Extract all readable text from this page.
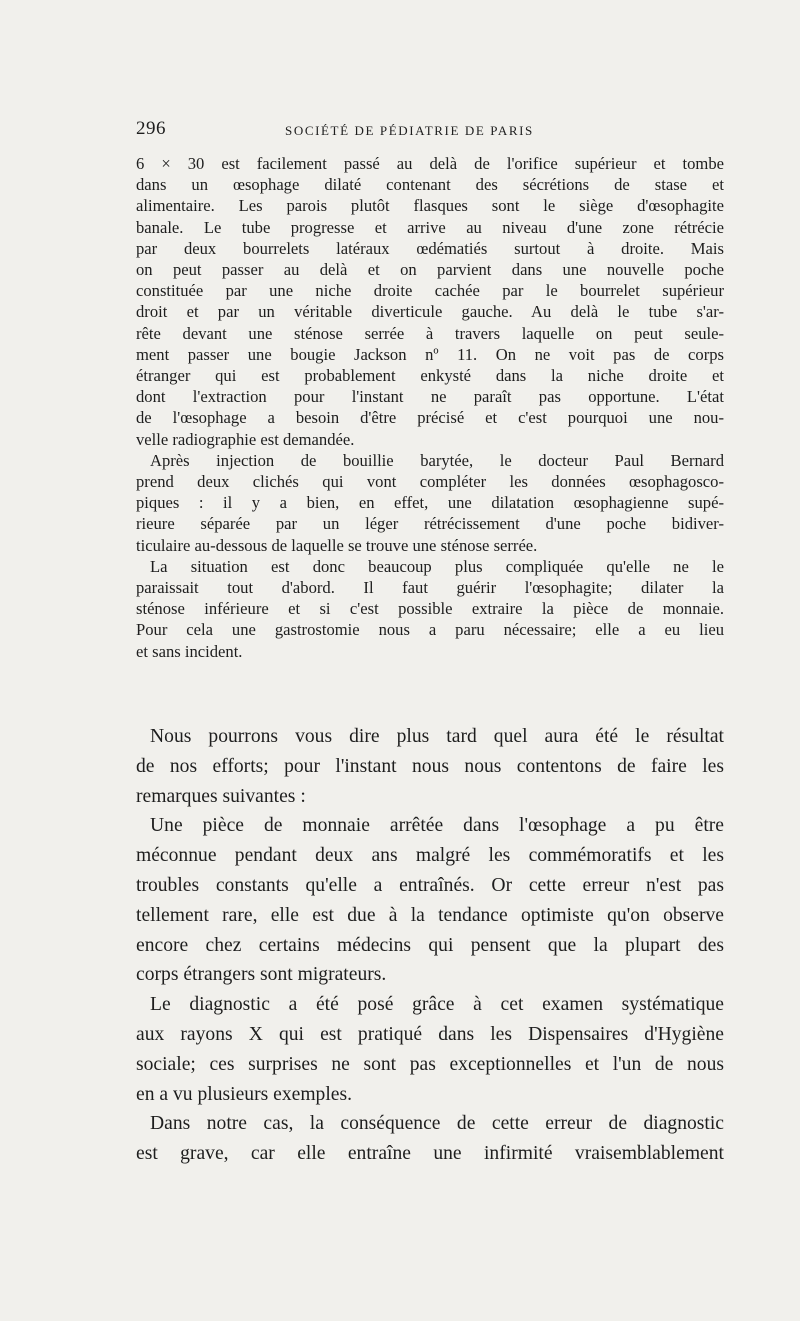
296	SOCIÉTÉ DE PÉDIATRIE DE PARIS
6 × 30 est facilement passé au delà de l'orifice supérieur et tombe
dans un œsophage dilaté contenant des sécrétions de stase et
alimentaire. Les parois plutôt flasques sont le siège d'œsophagite
banale. Le tube progresse et arrive au niveau d'une zone rétrécie
par deux bourrelets latéraux œdématiés surtout à droite. Mais
on peut passer au delà et on parvient dans une nouvelle poche
constituée par une niche droite cachée par le bourrelet supérieur
droit et par un véritable diverticule gauche. Au delà le tube s'ar-
rête devant une sténose serrée à travers laquelle on peut seule-
ment passer une bougie Jackson nº 11. On ne voit pas de corps
étranger qui est probablement enkysté dans la niche droite et
dont l'extraction pour l'instant ne paraît pas opportune. L'état
de l'œsophage a besoin d'être précisé et c'est pourquoi une nou-
velle radiographie est demandée.
Après injection de bouillie barytée, le docteur Paul Bernard
prend deux clichés qui vont compléter les données œsophagosco-
piques : il y a bien, en effet, une dilatation œsophagienne supé-
rieure séparée par un léger rétrécissement d'une poche bidiver-
ticulaire au-dessous de laquelle se trouve une sténose serrée.
La situation est donc beaucoup plus compliquée qu'elle ne le
paraissait tout d'abord. Il faut guérir l'œsophagite; dilater la
sténose inférieure et si c'est possible extraire la pièce de monnaie.
Pour cela une gastrostomie nous a paru nécessaire; elle a eu lieu
et sans incident.
Nous pourrons vous dire plus tard quel aura été le résultat
de nos efforts; pour l'instant nous nous contentons de faire les
remarques suivantes :
Une pièce de monnaie arrêtée dans l'œsophage a pu être
méconnue pendant deux ans malgré les commémoratifs et les
troubles constants qu'elle a entraînés. Or cette erreur n'est pas
tellement rare, elle est due à la tendance optimiste qu'on observe
encore chez certains médecins qui pensent que la plupart des
corps étrangers sont migrateurs.
Le diagnostic a été posé grâce à cet examen systématique
aux rayons X qui est pratiqué dans les Dispensaires d'Hygiène
sociale; ces surprises ne sont pas exceptionnelles et l'un de nous
en a vu plusieurs exemples.
Dans notre cas, la conséquence de cette erreur de diagnostic
est grave, car elle entraîne une infirmité vraisemblablement
